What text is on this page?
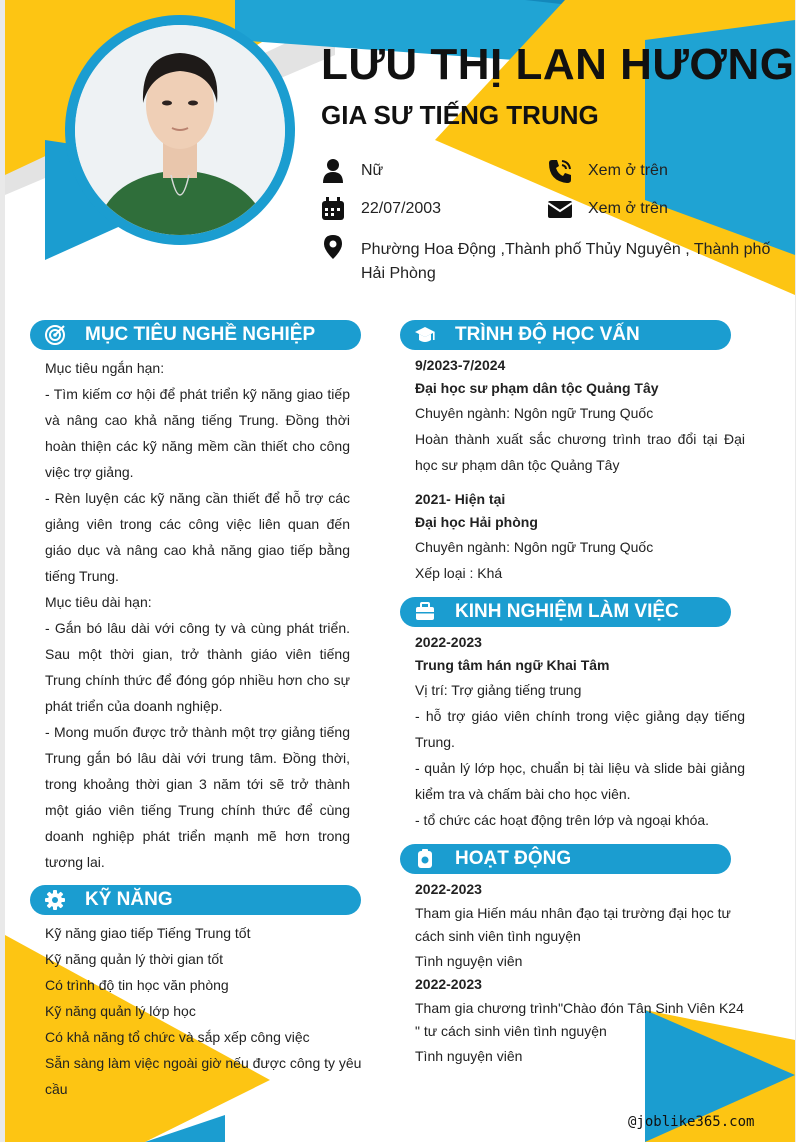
LƯU THỊ LAN HƯƠNG
GIA SƯ TIẾNG TRUNG
Nữ
22/07/2003
Xem ở trên
Xem ở trên
Phường Hoa Động ,Thành phố Thủy Nguyên , Thành phố Hải Phòng
MỤC TIÊU NGHỀ NGHIỆP

Mục tiêu ngắn hạn:

- Tìm kiếm cơ hội để phát triển kỹ năng giao tiếp và nâng cao khả năng tiếng Trung. Đồng thời hoàn thiện các kỹ năng mềm cần thiết cho công việc trợ giảng.

- Rèn luyện các kỹ năng cần thiết để hỗ trợ các giảng viên trong các công việc liên quan đến giáo dục và nâng cao khả năng giao tiếp bằng tiếng Trung.

Mục tiêu dài hạn:

- Gắn bó lâu dài với công ty và cùng phát triển. Sau một thời gian, trở thành giáo viên tiếng Trung chính thức để đóng góp nhiều hơn cho sự phát triển của doanh nghiệp.

- Mong muốn được trở thành một trợ giảng tiếng Trung gắn bó lâu dài với trung tâm. Đồng thời, trong khoảng thời gian 3 năm tới sẽ trở thành một giáo viên tiếng Trung chính thức để cùng doanh nghiệp phát triển mạnh mẽ hơn trong tương lai.

KỸ NĂNG

Kỹ năng giao tiếp Tiếng Trung tốt

Kỹ năng quản lý thời gian tốt

Có trình độ tin học văn phòng

Kỹ năng quản lý lớp học

Có khả năng tổ chức và sắp xếp công việc

Sẵn sàng làm việc ngoài giờ nếu được công ty yêu cầu

TRÌNH ĐỘ HỌC VẤN
9/2023-7/2024
Đại học sư phạm dân tộc Quảng Tây

Chuyên ngành: Ngôn ngữ Trung Quốc

Hoàn thành xuất sắc chương trình trao đổi tại Đại học sư phạm dân tộc Quảng Tây

2021- Hiện tại
Đại học Hải phòng

Chuyên ngành: Ngôn ngữ Trung Quốc

Xếp loại : Khá

KINH NGHIỆM LÀM VIỆC
2022-2023
Trung tâm hán ngữ Khai Tâm

Vị trí: Trợ giảng tiếng trung

- hỗ trợ giáo viên chính trong việc giảng dạy tiếng Trung.

- quản lý lớp học, chuẩn bị tài liệu và slide bài giảng kiểm tra và chấm bài cho học viên.

- tổ chức các hoạt động trên lớp và ngoại khóa.

HOẠT ĐỘNG
2022-2023
Tham gia Hiến máu nhân đạo tại trường đại học tư cách sinh viên tình nguyện
Tình nguyện viên
2022-2023
Tham gia chương trình"Chào đón Tân Sinh Viên K24 " tư cách sinh viên tình nguyện
Tình nguyện viên
@joblike365.com
